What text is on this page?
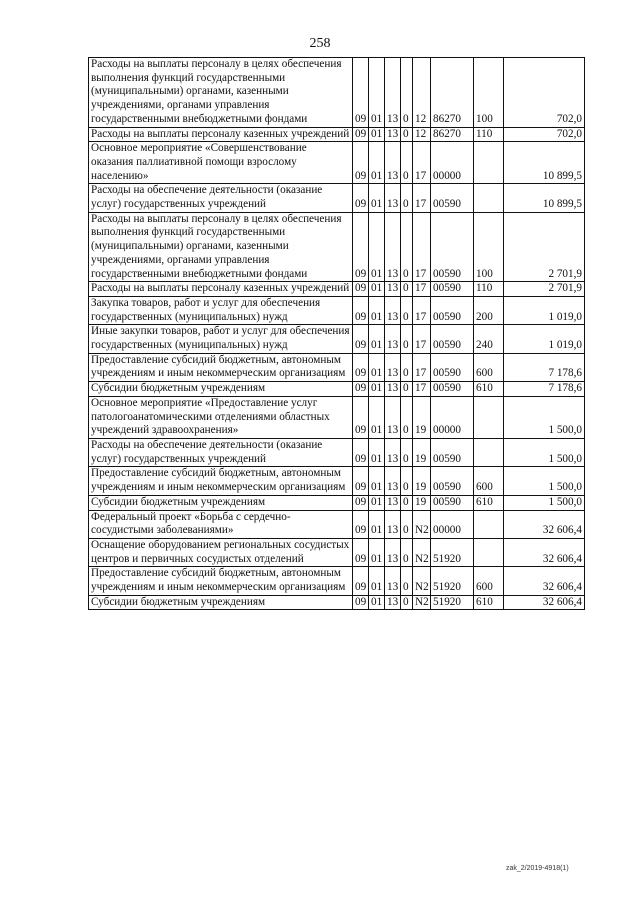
258
Расходы на выплаты персоналу в целях обеспечения выполнения функций государственными (муниципальными) органами, казенными учреждениями, органами управления государственными внебюджетными фондами	09	01	13	0	12	86270	100	702,0
Расходы на выплаты персоналу казенных учреждений	09	01	13	0	12	86270	110	702,0
Основное мероприятие «Совершенствование оказания паллиативной помощи взрослому населению»	09	01	13	0	17	00000		10 899,5
Расходы на обеспечение деятельности (оказание услуг) государственных учреждений	09	01	13	0	17	00590		10 899,5
Расходы на выплаты персоналу в целях обеспечения выполнения функций государственными (муниципальными) органами, казенными учреждениями, органами управления государственными внебюджетными фондами	09	01	13	0	17	00590	100	2 701,9
Расходы на выплаты персоналу казенных учреждений	09	01	13	0	17	00590	110	2 701,9
Закупка товаров, работ и услуг для обеспечения государственных (муниципальных) нужд	09	01	13	0	17	00590	200	1 019,0
Иные закупки товаров, работ и услуг для обеспечения государственных (муниципальных) нужд	09	01	13	0	17	00590	240	1 019,0
Предоставление субсидий бюджетным, автономным учреждениям и иным некоммерческим организациям	09	01	13	0	17	00590	600	7 178,6
Субсидии бюджетным учреждениям	09	01	13	0	17	00590	610	7 178,6
Основное мероприятие «Предоставление услуг патологоанатомическими отделениями областных учреждений здравоохранения»	09	01	13	0	19	00000		1 500,0
Расходы на обеспечение деятельности (оказание услуг) государственных учреждений	09	01	13	0	19	00590		1 500,0
Предоставление субсидий бюджетным, автономным учреждениям и иным некоммерческим организациям	09	01	13	0	19	00590	600	1 500,0
Субсидии бюджетным учреждениям	09	01	13	0	19	00590	610	1 500,0
Федеральный проект «Борьба с сердечно-сосудистыми заболеваниями»	09	01	13	0	N2	00000		32 606,4
Оснащение оборудованием региональных сосудистых центров и первичных сосудистых отделений	09	01	13	0	N2	51920		32 606,4
Предоставление субсидий бюджетным, автономным учреждениям и иным некоммерческим организациям	09	01	13	0	N2	51920	600	32 606,4
Субсидии бюджетным учреждениям	09	01	13	0	N2	51920	610	32 606,4
zak_2/2019-4918(1)
